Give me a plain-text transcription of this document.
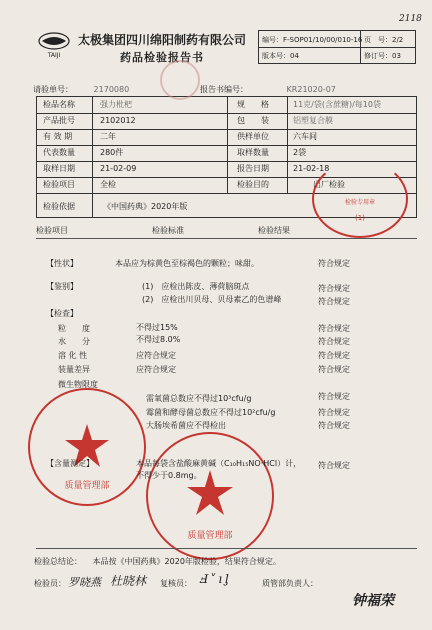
2118
TAIJI
太极集团四川绵阳制药有限公司
药品检验报告书
编号：F-SOP01/10/00/010-16 页　号：2/2
版本号：04	修订号：03
请验单号：	2170080	报告书编号：	KR21020-07
检品名称	强力枇杷	规　　格	11克/袋(含蔗糖)/每10袋
产品批号	2102012	包　　装	铝塑复合膜
有 效 期	二年	供样单位	六车间
代表数量	280件	取样数量	2袋
取样日期	21-02-09	报告日期	21-02-18
检验项目	全检	检验目的	出厂检验
检验依据	《中国药典》2020年版	检验专用章
(1)
质量管理部
质量管理部
检验项目	检验标准	检验结果
【性状】	本品应为棕黄色至棕褐色的颗粒；味甜。	符合规定
【鉴别】	(1)　应检出陈皮、薄荷脑斑点	符合规定
(2)　应检出川贝母、贝母素乙的色谱峰	符合规定
【检查】
粒　　度	不得过15%	符合规定
水　　分	不得过8.0%	符合规定
溶 化 性	应符合规定	符合规定
装量差异	应符合规定	符合规定
微生物限度
需氧菌总数应不得过10³cfu/g	符合规定
霉菌和酵母菌总数应不得过10²cfu/g	符合规定
大肠埃希菌应不得检出	符合规定
【含量测定】	本品每袋含盐酸麻黄碱（C₁₀H₁₅NO·HCl）计，
不得少于0.8mg。
符合规定
检验总结论： 本品按《中国药典》2020年版检验，结果符合规定。
检验员： 罗晓燕 杜晓林 复核员： Ⅎ˅ıᶅ	质管部负责人：
钟福荣
